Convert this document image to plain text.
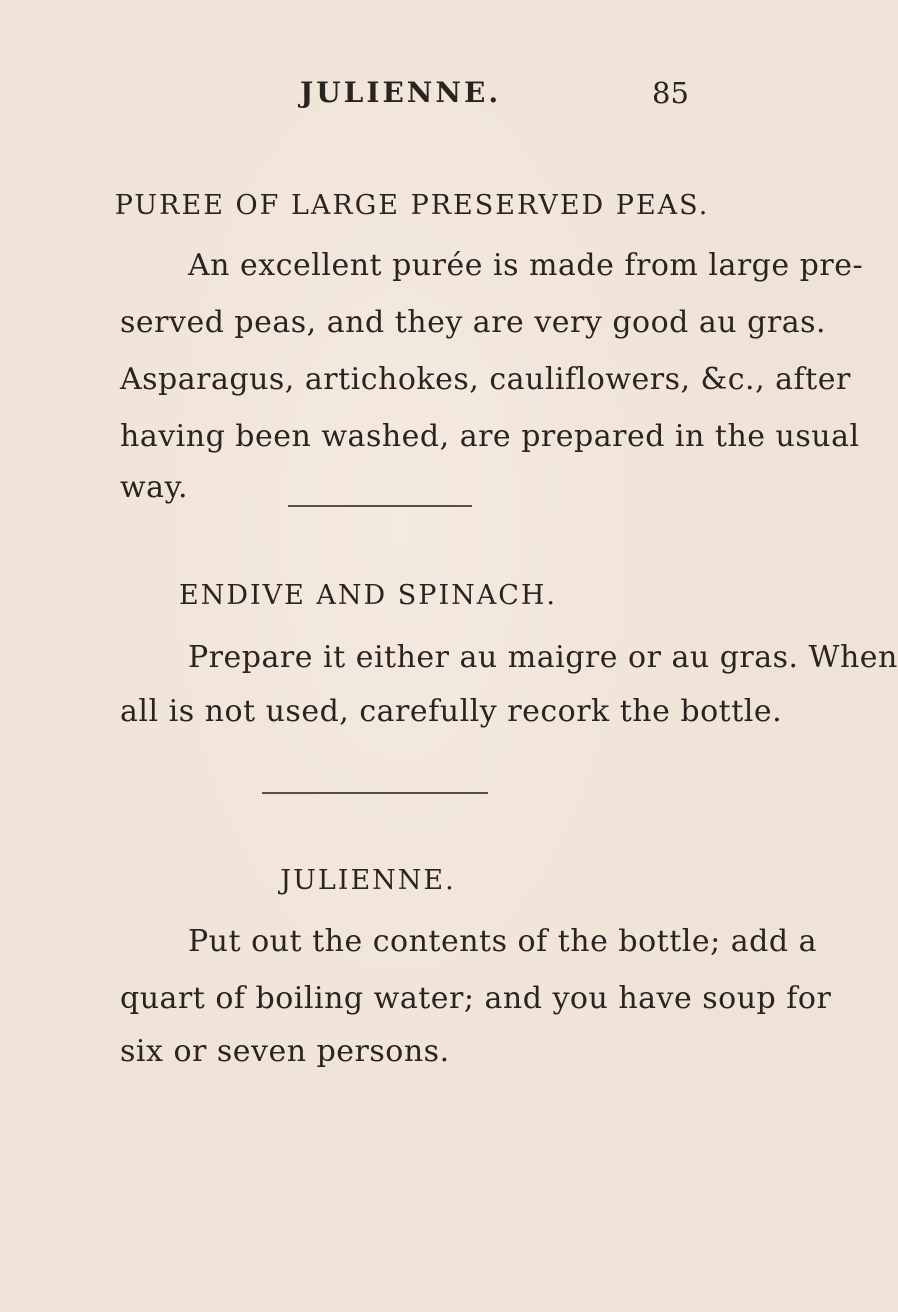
JULIENNE.	85
PUREE OF LARGE PRESERVED PEAS.
An excellent purée is made from large pre-
served peas, and they are very good au gras.
Asparagus, artichokes, cauliflowers, &c., after
having been washed, are prepared in the usual
way.
ENDIVE AND SPINACH.
Prepare it either au maigre or au gras. When
all is not used, carefully recork the bottle.
JULIENNE.
Put out the contents of the bottle; add a
quart of boiling water; and you have soup for
six or seven persons.
